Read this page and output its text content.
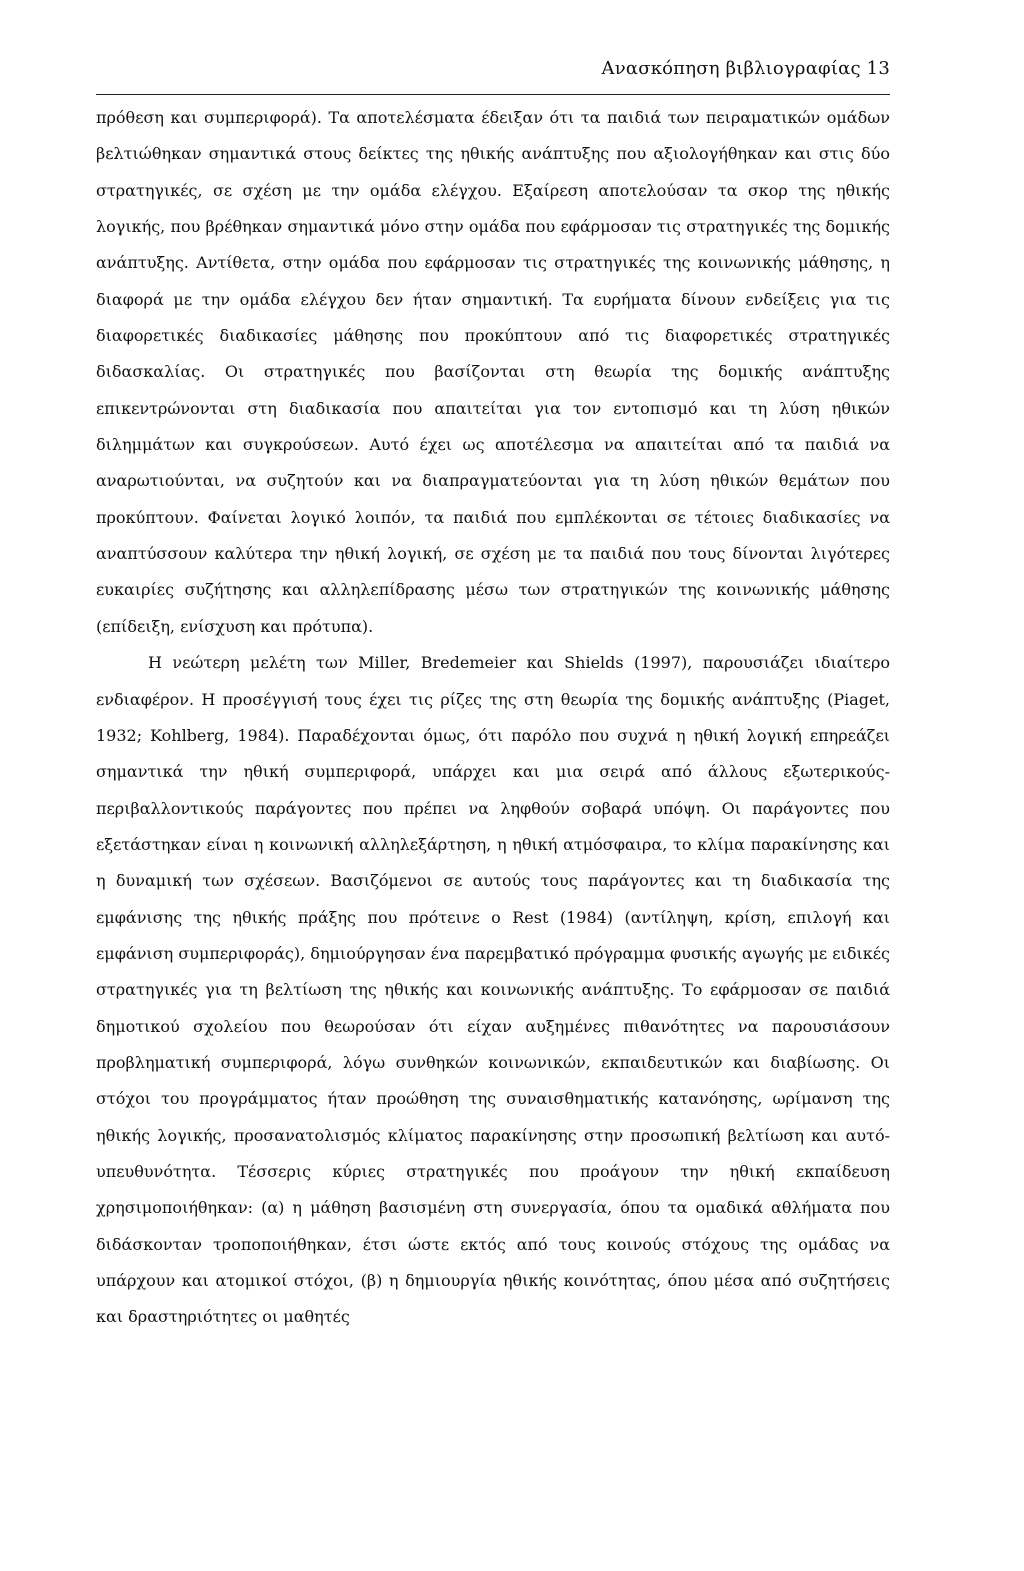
Ανασκόπηση βιβλιογραφίας 13

πρόθεση και συμπεριφορά). Τα αποτελέσματα έδειξαν ότι τα παιδιά των πειραματικών ομάδων βελτιώθηκαν σημαντικά στους δείκτες της ηθικής ανάπτυξης που αξιολογήθηκαν και στις δύο στρατηγικές, σε σχέση με την ομάδα ελέγχου. Εξαίρεση αποτελούσαν τα σκορ της ηθικής λογικής, που βρέθηκαν σημαντικά μόνο στην ομάδα που εφάρμοσαν τις στρατηγικές της δομικής ανάπτυξης. Αντίθετα, στην ομάδα που εφάρμοσαν τις στρατηγικές της κοινωνικής μάθησης, η διαφορά με την ομάδα ελέγχου δεν ήταν σημαντική. Τα ευρήματα δίνουν ενδείξεις για τις διαφορετικές διαδικασίες μάθησης που προκύπτουν από τις διαφορετικές στρατηγικές διδασκαλίας. Οι στρατηγικές που βασίζονται στη θεωρία της δομικής ανάπτυξης επικεντρώνονται στη διαδικασία που απαιτείται για τον εντοπισμό και τη λύση ηθικών διλημμάτων και συγκρούσεων. Αυτό έχει ως αποτέλεσμα να απαιτείται από τα παιδιά να αναρωτιούνται, να συζητούν και να διαπραγματεύονται για τη λύση ηθικών θεμάτων που προκύπτουν. Φαίνεται λογικό λοιπόν, τα παιδιά που εμπλέκονται σε τέτοιες διαδικασίες να αναπτύσσουν καλύτερα την ηθική λογική, σε σχέση με τα παιδιά που τους δίνονται λιγότερες ευκαιρίες συζήτησης και αλληλεπίδρασης μέσω των στρατηγικών της κοινωνικής μάθησης (επίδειξη, ενίσχυση και πρότυπα).

Η νεώτερη μελέτη των Miller, Bredemeier και Shields (1997), παρουσιάζει ιδιαίτερο ενδιαφέρον. Η προσέγγισή τους έχει τις ρίζες της στη θεωρία της δομικής ανάπτυξης (Piaget, 1932; Kohlberg, 1984). Παραδέχονται όμως, ότι παρόλο που συχνά η ηθική λογική επηρεάζει σημαντικά την ηθική συμπεριφορά, υπάρχει και μια σειρά από άλλους εξωτερικούς-περιβαλλοντικούς παράγοντες που πρέπει να ληφθούν σοβαρά υπόψη. Οι παράγοντες που εξετάστηκαν είναι η κοινωνική αλληλεξάρτηση, η ηθική ατμόσφαιρα, το κλίμα παρακίνησης και η δυναμική των σχέσεων. Βασιζόμενοι σε αυτούς τους παράγοντες και τη διαδικασία της εμφάνισης της ηθικής πράξης που πρότεινε ο Rest (1984) (αντίληψη, κρίση, επιλογή και εμφάνιση συμπεριφοράς), δημιούργησαν ένα παρεμβατικό πρόγραμμα φυσικής αγωγής με ειδικές στρατηγικές για τη βελτίωση της ηθικής και κοινωνικής ανάπτυξης. Το εφάρμοσαν σε παιδιά δημοτικού σχολείου που θεωρούσαν ότι είχαν αυξημένες πιθανότητες να παρουσιάσουν προβληματική συμπεριφορά, λόγω συνθηκών κοινωνικών, εκπαιδευτικών και διαβίωσης. Οι στόχοι του προγράμματος ήταν προώθηση της συναισθηματικής κατανόησης, ωρίμανση της ηθικής λογικής, προσανατολισμός κλίματος παρακίνησης στην προσωπική βελτίωση και αυτό-υπευθυνότητα. Τέσσερις κύριες στρατηγικές που προάγουν την ηθική εκπαίδευση χρησιμοποιήθηκαν: (α) η μάθηση βασισμένη στη συνεργασία, όπου τα ομαδικά αθλήματα που διδάσκονταν τροποποιήθηκαν, έτσι ώστε εκτός από τους κοινούς στόχους της ομάδας να υπάρχουν και ατομικοί στόχοι, (β) η δημιουργία ηθικής κοινότητας, όπου μέσα από συζητήσεις και δραστηριότητες οι μαθητές
